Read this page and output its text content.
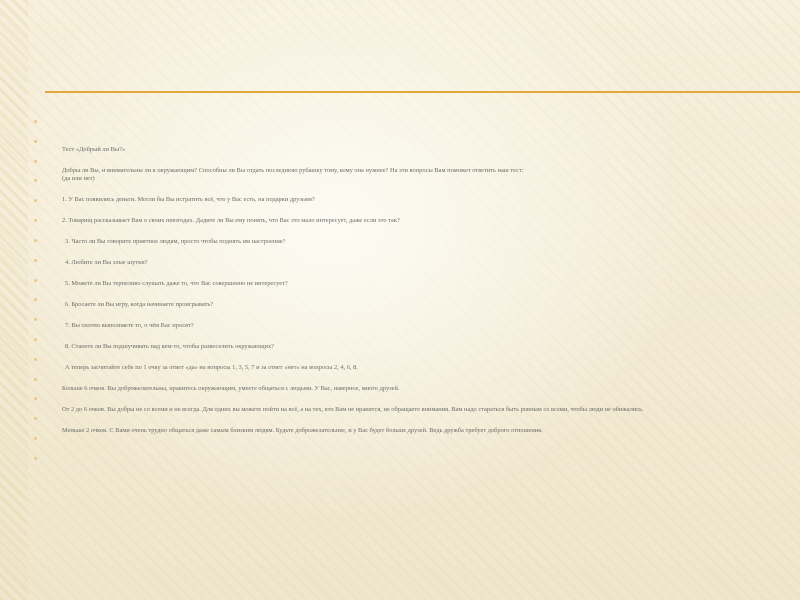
Тест «Добрый ли Вы?»

Добры ли Вы, и внимательны ли к окружающим? Способны ли Вы отдать последнюю рубашку тому, кому она нужнее? На эти вопросы Вам поможет ответить наш тест:

(да или нет)

1. У Вас появились деньги. Могли бы Вы истратить всё, что у Вас есть, на подарки друзьям?

2. Товарищ рассказывает Вам о своих невзгодах. Дадите ли Вы ему понять, что Вас это мало интересует, даже если это так?

3. Часто ли Вы говорите приятное людям, просто чтобы поднять им настроение?

4. Любите ли Вы злые шутки?

5. Можете ли Вы терпеливо слушать даже то, что Вас совершенно не интересует?

6. Бросаете ли Вы игру, когда начинаете проигрывать?

7. Вы охотно выполняете то, о чём Вас просят?

8. Станете ли Вы подшучивать над кем-то, чтобы развеселить окружающих?

А теперь засчитайте себе по 1 очку за ответ «да» на вопросы 1, 3, 5, 7 и за ответ «нет» на вопросы 2, 4, 6, 8.

Больше 6 очков. Вы доброжелательны, нравитесь окружающим, умеете общаться с людьми. У Вас, наверное, много друзей.

От 2 до 6 очков. Вы добры не со всеми и не всегда. Для одних вы можете пойти на всё, а на тех, кто Вам не нравится, не обращаете внимания. Вам надо стараться быть ровным со всеми, чтобы люди не обижались.

Меньше 2 очков. С Вами очень трудно общаться даже самым близким людям. Будьте доброжелательнее, и у Вас будет больше друзей. Ведь дружба требует доброго отношения.
